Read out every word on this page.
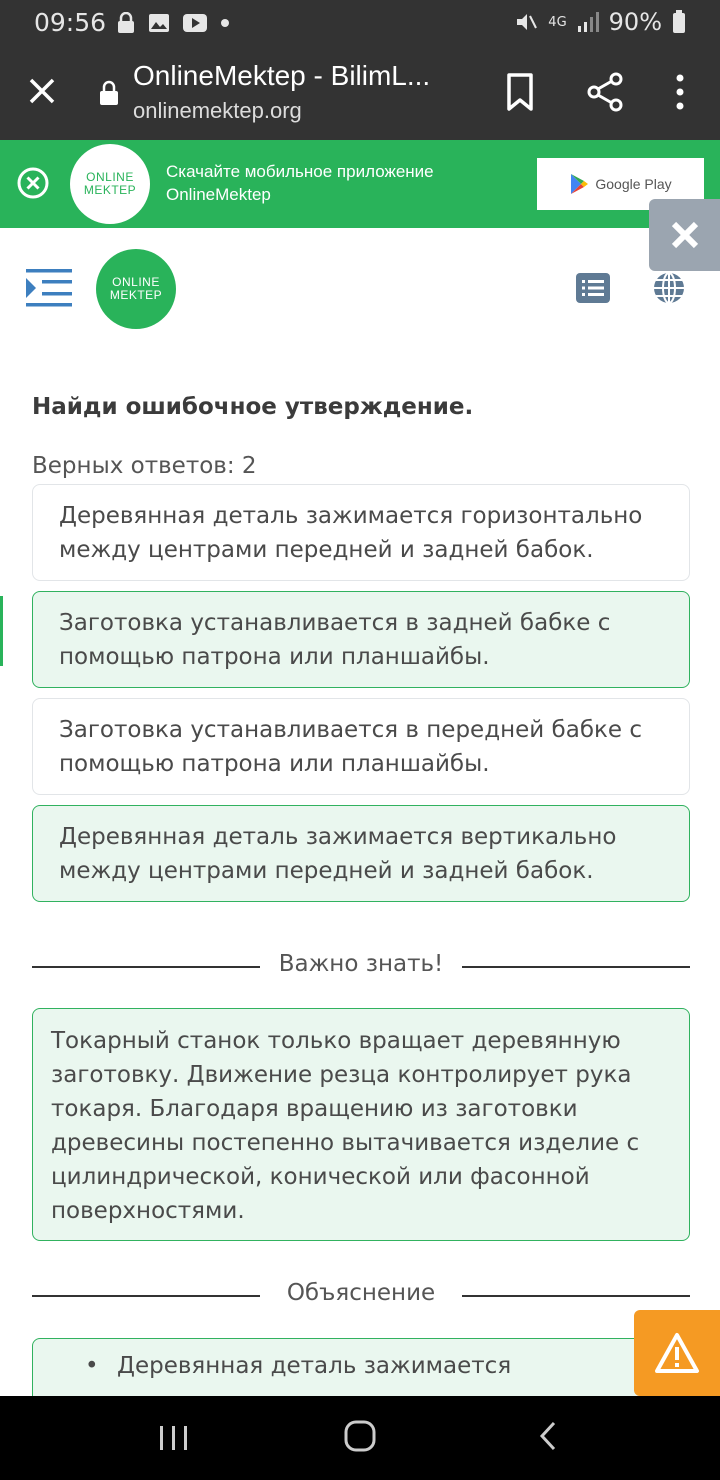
09:56	4G 90%
OnlineMektep - BilimL...
onlinemektep.org
ONLINE
MEKTEP
Скачайте мобильное приложение
OnlineMektep
Google Play
ONLINE
MEKTEP
Найди ошибочное утверждение.
Верных ответов: 2
Деревянная деталь зажимается горизонтально
между центрами передней и задней бабок.
Заготовка устанавливается в задней бабке с
помощью патрона или планшайбы.
Заготовка устанавливается в передней бабке с
помощью патрона или планшайбы.
Деревянная деталь зажимается вертикально
между центрами передней и задней бабок.
Важно знать!
Токарный станок только вращает деревянную
заготовку. Движение резца контролирует рука
токаря. Благодаря вращению из заготовки
древесины постепенно вытачивается изделие с
цилиндрической, конической или фасонной
поверхностями.
Объяснение
• Деревянная деталь зажимается
